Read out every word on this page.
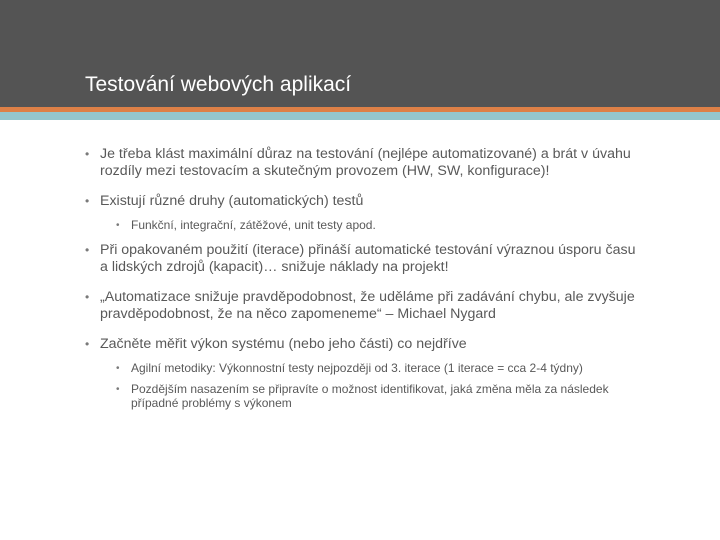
Testování webových aplikací
• Je třeba klást maximální důraz na testování (nejlépe automatizované) a brát v úvahu rozdíly mezi testovacím a skutečným provozem (HW, SW, konfigurace)!
• Existují různé druhy (automatických) testů
• Funkční, integrační, zátěžové, unit testy apod.
• Při opakovaném použití (iterace) přináší automatické testování výraznou úsporu času a lidských zdrojů (kapacit)… snižuje náklady na projekt!
• „Automatizace snižuje pravděpodobnost, že uděláme při zadávání chybu, ale zvyšuje pravděpodobnost, že na něco zapomeneme“ – Michael Nygard
• Začněte měřit výkon systému (nebo jeho části) co nejdříve
• Agilní metodiky: Výkonnostní testy nejpozději od 3. iterace (1 iterace = cca 2-4 týdny)
• Pozdějším nasazením se připravíte o možnost identifikovat, jaká změna měla za následek případné problémy s výkonem
